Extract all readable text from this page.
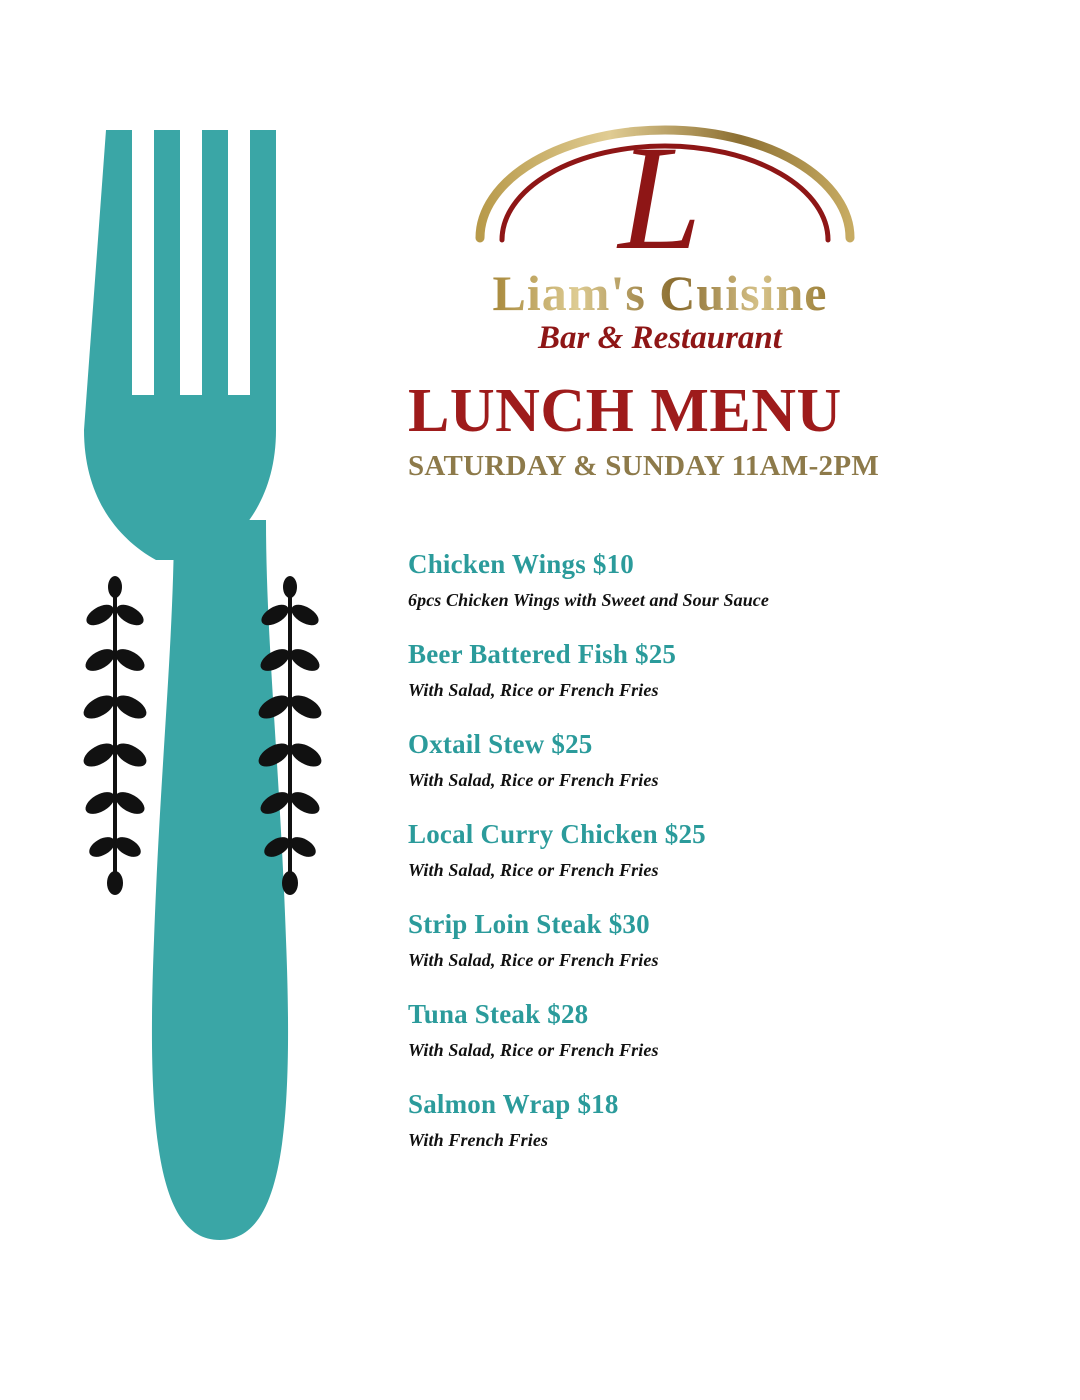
L
Liam's Cuisine
Bar & Restaurant
LUNCH MENU

SATURDAY & SUNDAY 11AM-2PM

Chicken Wings $10

6pcs Chicken Wings with Sweet and Sour Sauce

Beer Battered Fish $25

With Salad, Rice or French Fries

Oxtail Stew $25

With Salad, Rice or French Fries

Local Curry Chicken $25

With Salad, Rice or French Fries

Strip Loin Steak $30

With Salad, Rice or French Fries

Tuna Steak $28

With Salad, Rice or French Fries

Salmon Wrap $18

With French Fries
